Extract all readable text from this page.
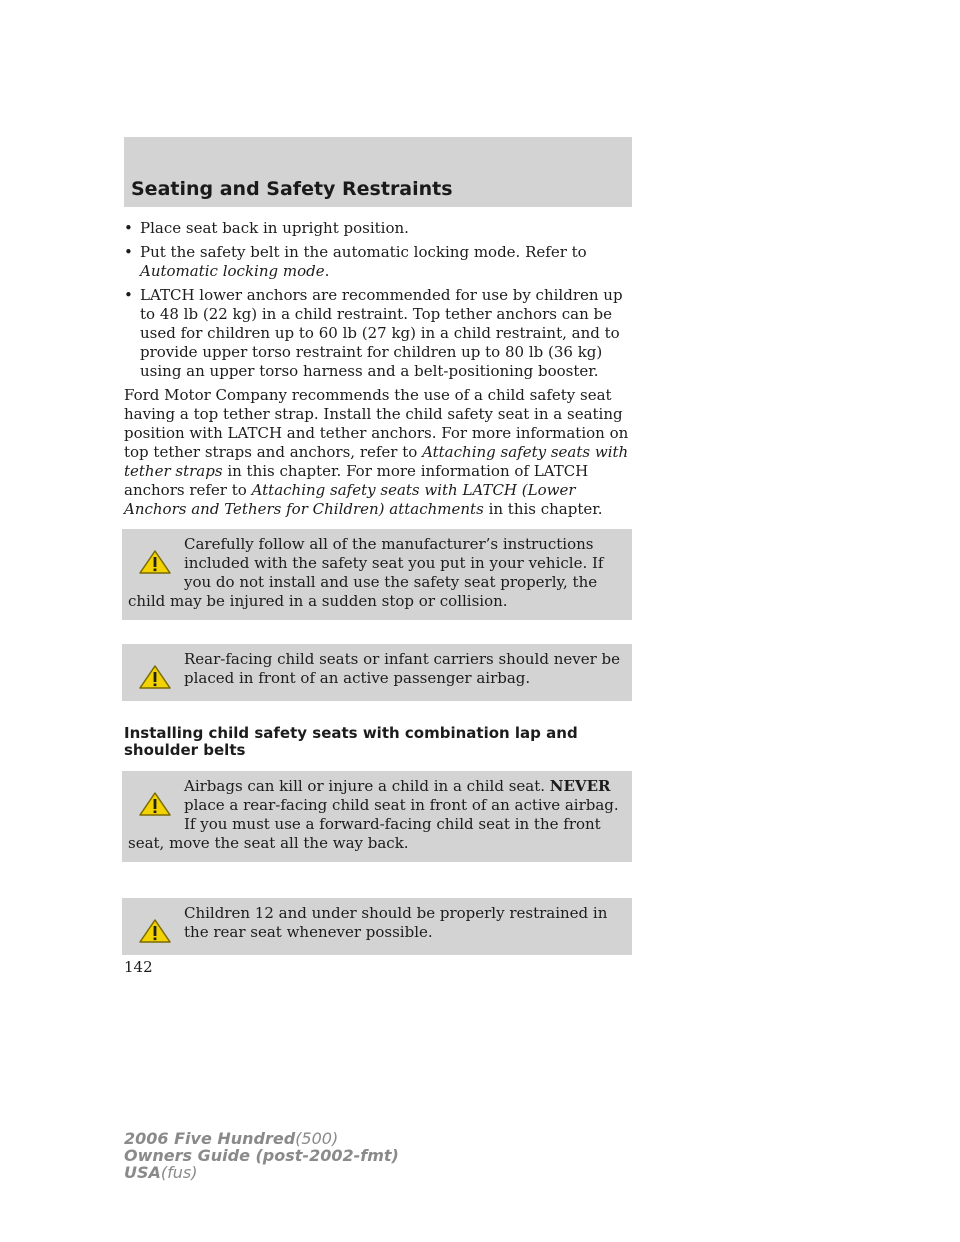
Seating and Safety Restraints
• Place seat back in upright position.
• Put the safety belt in the automatic locking mode. Refer to Automatic locking mode.
• LATCH lower anchors are recommended for use by children up to 48 lb (22 kg) in a child restraint. Top tether anchors can be used for children up to 60 lb (27 kg) in a child restraint, and to provide upper torso restraint for children up to 80 lb (36 kg) using an upper torso harness and a belt-positioning booster.

Ford Motor Company recommends the use of a child safety seat having a top tether strap. Install the child safety seat in a seating position with LATCH and tether anchors. For more information on top tether straps and anchors, refer to Attaching safety seats with tether straps in this chapter. For more information of LATCH anchors refer to Attaching safety seats with LATCH (Lower Anchors and Tethers for Children) attachments in this chapter.

Carefully follow all of the manufacturer’s instructions included with the safety seat you put in your vehicle. If you do not install and use the safety seat properly, the child may be injured in a sudden stop or collision.
Rear-facing child seats or infant carriers should never be placed in front of an active passenger airbag.
Installing child safety seats with combination lap and shoulder belts
Airbags can kill or injure a child in a child seat. NEVER place a rear-facing child seat in front of an active airbag. If you must use a forward-facing child seat in the front seat, move the seat all the way back.
Children 12 and under should be properly restrained in the rear seat whenever possible.
142
2006 Five Hundred(500)
Owners Guide (post-2002-fmt)
USA(fus)
